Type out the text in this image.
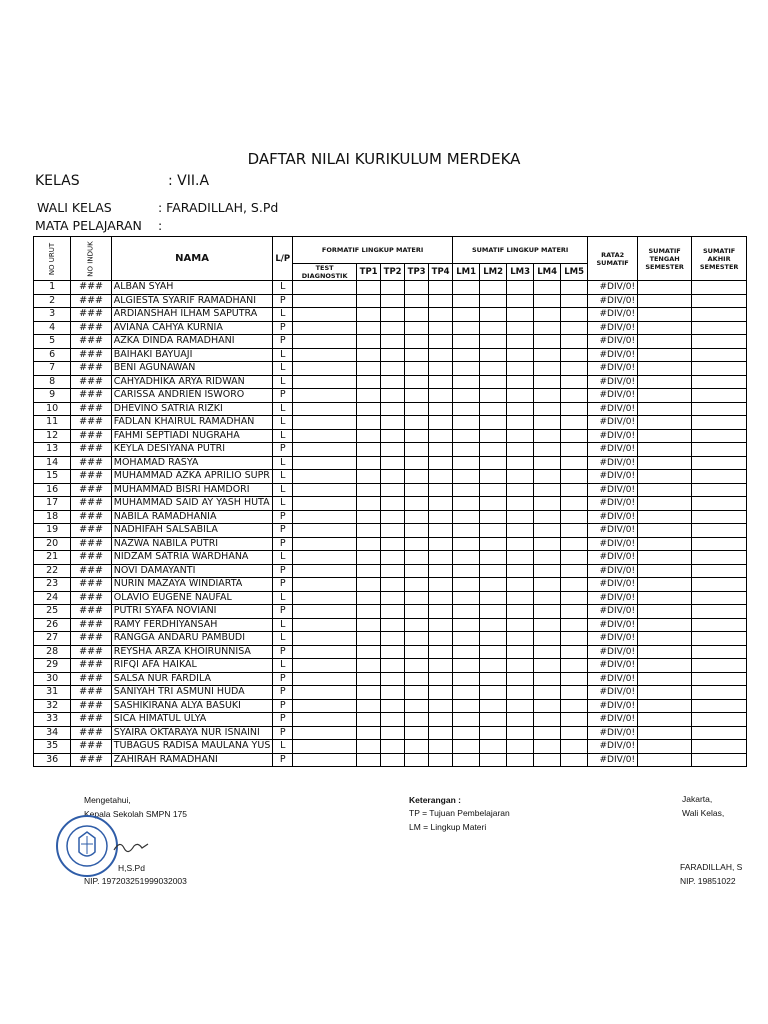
DAFTAR NILAI KURIKULUM MERDEKA
KELAS	: VII.A
WALI KELAS	: FARADILLAH, S.Pd
MATA PELAJARAN :
NO URUT	NO INDUK	NAMA	L/P	FORMATIF LINGKUP MATERI					SUMATIF LINGKUP MATERI					RATA2 SUMATIF	SUMATIF TENGAH SEMESTER	SUMATIF AKHIR SEMESTER
				TEST DIAGNOSTIK	TP1	TP2	TP3	TP4	LM1	LM2	LM3	LM4	LM5			
1	###	ALBAN SYAH	L											#DIV/0!		
2	###	ALGIESTA SYARIF RAMADHANI	P											#DIV/0!		
3	###	ARDIANSHAH ILHAM SAPUTRA	L											#DIV/0!		
4	###	AVIANA CAHYA KURNIA	P											#DIV/0!		
5	###	AZKA DINDA RAMADHANI	P											#DIV/0!		
6	###	BAIHAKI BAYUAJI	L											#DIV/0!		
7	###	BENI AGUNAWAN	L											#DIV/0!		
8	###	CAHYADHIKA ARYA RIDWAN	L											#DIV/0!		
9	###	CARISSA ANDRIEN ISWORO	P											#DIV/0!		
10	###	DHEVINO SATRIA RIZKI	L											#DIV/0!		
11	###	FADLAN KHAIRUL RAMADHAN	L											#DIV/0!		
12	###	FAHMI SEPTIADI NUGRAHA	L											#DIV/0!		
13	###	KEYLA DESIYANA PUTRI	P											#DIV/0!		
14	###	MOHAMAD RASYA	L											#DIV/0!		
15	###	MUHAMMAD AZKA APRILIO SUPR	L											#DIV/0!		
16	###	MUHAMMAD BISRI HAMDORI	L											#DIV/0!		
17	###	MUHAMMAD SAID AY YASH HUTA	L											#DIV/0!		
18	###	NABILA RAMADHANIA	P											#DIV/0!		
19	###	NADHIFAH SALSABILA	P											#DIV/0!		
20	###	NAZWA NABILA PUTRI	P											#DIV/0!		
21	###	NIDZAM SATRIA WARDHANA	L											#DIV/0!		
22	###	NOVI DAMAYANTI	P											#DIV/0!		
23	###	NURIN MAZAYA WINDIARTA	P											#DIV/0!		
24	###	OLAVIO EUGENE NAUFAL	L											#DIV/0!		
25	###	PUTRI SYAFA NOVIANI	P											#DIV/0!		
26	###	RAMY FERDHIYANSAH	L											#DIV/0!		
27	###	RANGGA ANDARU PAMBUDI	L											#DIV/0!		
28	###	REYSHA ARZA KHOIRUNNISA	P											#DIV/0!		
29	###	RIFQI AFA HAIKAL	L											#DIV/0!		
30	###	SALSA NUR FARDILA	P											#DIV/0!		
31	###	SANIYAH TRI ASMUNI HUDA	P											#DIV/0!		
32	###	SASHIKIRANA ALYA BASUKI	P											#DIV/0!		
33	###	SICA HIMATUL ULYA	P											#DIV/0!		
34	###	SYAIRA OKTARAYA NUR ISNAINI	P											#DIV/0!		
35	###	TUBAGUS RADISA MAULANA YUS	L											#DIV/0!		
36	###	ZAHIRAH RAMADHANI	P											#DIV/0!		
Mengetahui,
Kepala Sekolah SMPN 175
H,S.Pd
NIP. 197203251999032003
Keterangan :
TP = Tujuan Pembelajaran
LM = Lingkup Materi
Jakarta,
Wali Kelas,
FARADILLAH, S
NIP. 19851022
